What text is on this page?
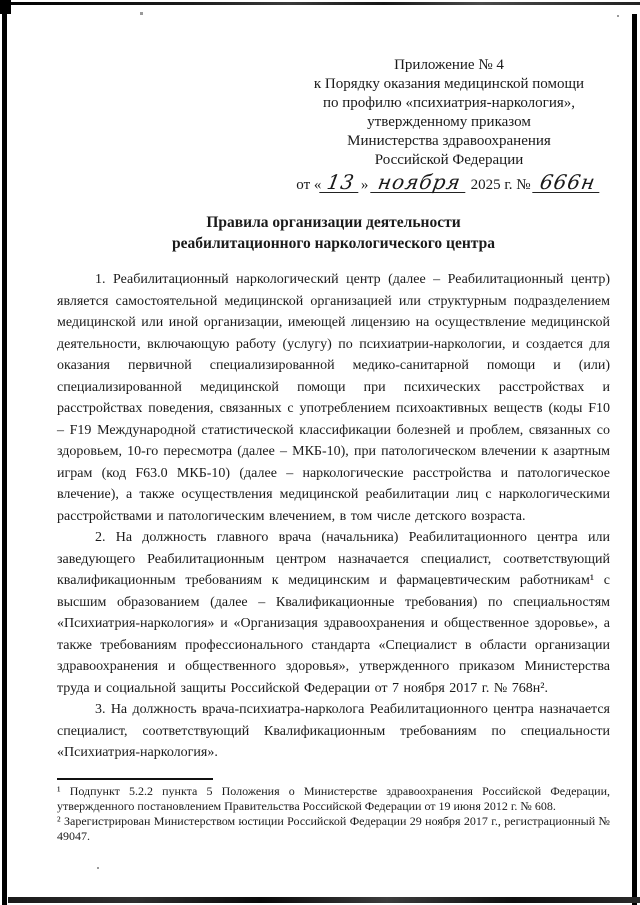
Приложение № 4
к Порядку оказания медицинской помощи
по профилю «психиатрия-наркология»,
утвержденному приказом
Министерства здравоохранения
Российской Федерации
от « 13 » ноября 2025 г. № 666н
Правила организации деятельности
реабилитационного наркологического центра

1. Реабилитационный наркологический центр (далее – Реабилитационный центр) является самостоятельной медицинской организацией или структурным подразделением медицинской или иной организации, имеющей лицензию на осуществление медицинской деятельности, включающую работу (услугу) по психиатрии-наркологии, и создается для оказания первичной специализированной медико-санитарной помощи и (или) специализированной медицинской помощи при психических расстройствах и расстройствах поведения, связанных с употреблением психоактивных веществ (коды F10 – F19 Международной статистической классификации болезней и проблем, связанных со здоровьем, 10-го пересмотра (далее – МКБ-10), при патологическом влечении к азартным играм (код F63.0 МКБ-10) (далее – наркологические расстройства и патологическое влечение), а также осуществления медицинской реабилитации лиц с наркологическими расстройствами и патологическим влечением, в том числе детского возраста.

2. На должность главного врача (начальника) Реабилитационного центра или заведующего Реабилитационным центром назначается специалист, соответствующий квалификационным требованиям к медицинским и фармацевтическим работникам¹ с высшим образованием (далее – Квалификационные требования) по специальностям «Психиатрия-наркология» и «Организация здравоохранения и общественное здоровье», а также требованиям профессионального стандарта «Специалист в области организации здравоохранения и общественного здоровья», утвержденного приказом Министерства труда и социальной защиты Российской Федерации от 7 ноября 2017 г. № 768н².

3. На должность врача-психиатра-нарколога Реабилитационного центра назначается специалист, соответствующий Квалификационным требованиям по специальности «Психиатрия-наркология».

¹ Подпункт 5.2.2 пункта 5 Положения о Министерстве здравоохранения Российской Федерации, утвержденного постановлением Правительства Российской Федерации от 19 июня 2012 г. № 608.

² Зарегистрирован Министерством юстиции Российской Федерации 29 ноября 2017 г., регистрационный № 49047.
